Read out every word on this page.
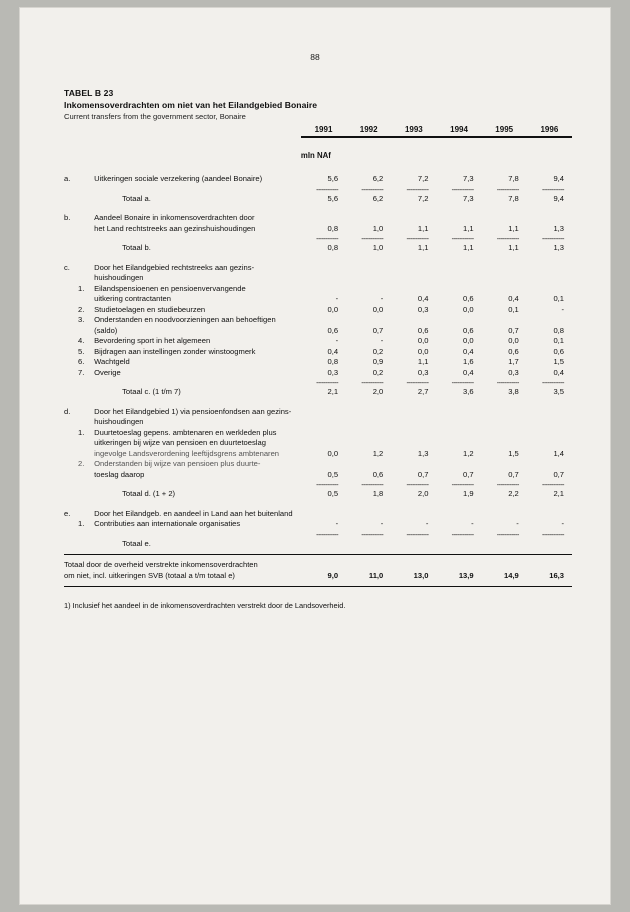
88
TABEL B 23
Inkomensoverdrachten om niet van het Eilandgebied Bonaire
Current transfers from the government sector, Bonaire
			1991	1992	1993	1994	1995	1996

			mln NAf					

a.		Uitkeringen sociale verzekering (aandeel Bonaire)	5,6	6,2	7,2	7,3	7,8	9,4

			------------	------------	------------	------------	------------	------------
		Totaal a.	5,6	6,2	7,2	7,3	7,8	9,4

b.		Aandeel Bonaire in inkomensoverdrachten door						
		het Land rechtstreeks aan gezinshuishoudingen	0,8	1,0	1,1	1,1	1,1	1,3

			------------	------------	------------	------------	------------	------------
		Totaal b.	0,8	1,0	1,1	1,1	1,1	1,3

c.		Door het Eilandgebied rechtstreeks aan gezins-						
		huishoudingen						
	1.	Eilandspensioenen en pensioenvervangende						
		uitkering contractanten	-	-	0,4	0,6	0,4	0,1
	2.	Studietoelagen en studiebeurzen	0,0	0,0	0,3	0,0	0,1	-
	3.	Onderstanden en noodvoorzieningen aan behoeftigen						
		(saldo)	0,6	0,7	0,6	0,6	0,7	0,8
	4.	Bevordering sport in het algemeen	-	-	0,0	0,0	0,0	0,1
	5.	Bijdragen aan instellingen zonder winstoogmerk	0,4	0,2	0,0	0,4	0,6	0,6
	6.	Wachtgeld	0,8	0,9	1,1	1,6	1,7	1,5
	7.	Overige	0,3	0,2	0,3	0,4	0,3	0,4

			------------	------------	------------	------------	------------	------------
		Totaal c. (1 t/m 7)	2,1	2,0	2,7	3,6	3,8	3,5

d.		Door het Eilandgebied 1) via pensioenfondsen aan gezins-						
		huishoudingen						
	1.	Duurtetoeslag gepens. ambtenaren en werkleden plus						
		uitkeringen bij wijze van pensioen en duurtetoeslag						
		ingevolge Landsverordening leeftijdsgrens ambtenaren	0,0	1,2	1,3	1,2	1,5	1,4
	2.	Onderstanden bij wijze van pensioen plus duurte-						
		toeslag daarop	0,5	0,6	0,7	0,7	0,7	0,7

			------------	------------	------------	------------	------------	------------
		Totaal d. (1 + 2)	0,5	1,8	2,0	1,9	2,2	2,1

e.		Door het Eilandgeb. en aandeel in Land aan het buitenland						
	1.	Contributies aan internationale organisaties	-	-	-	-	-	-

			------------	------------	------------	------------	------------	------------
		Totaal e.						

Totaal door de overheid verstrekte inkomensoverdrachten								
om niet, incl. uitkeringen SVB (totaal a t/m totaal e)			9,0	11,0	13,0	13,9	14,9	16,3

1) Inclusief het aandeel in de inkomensoverdrachten verstrekt door de Landsoverheid.
